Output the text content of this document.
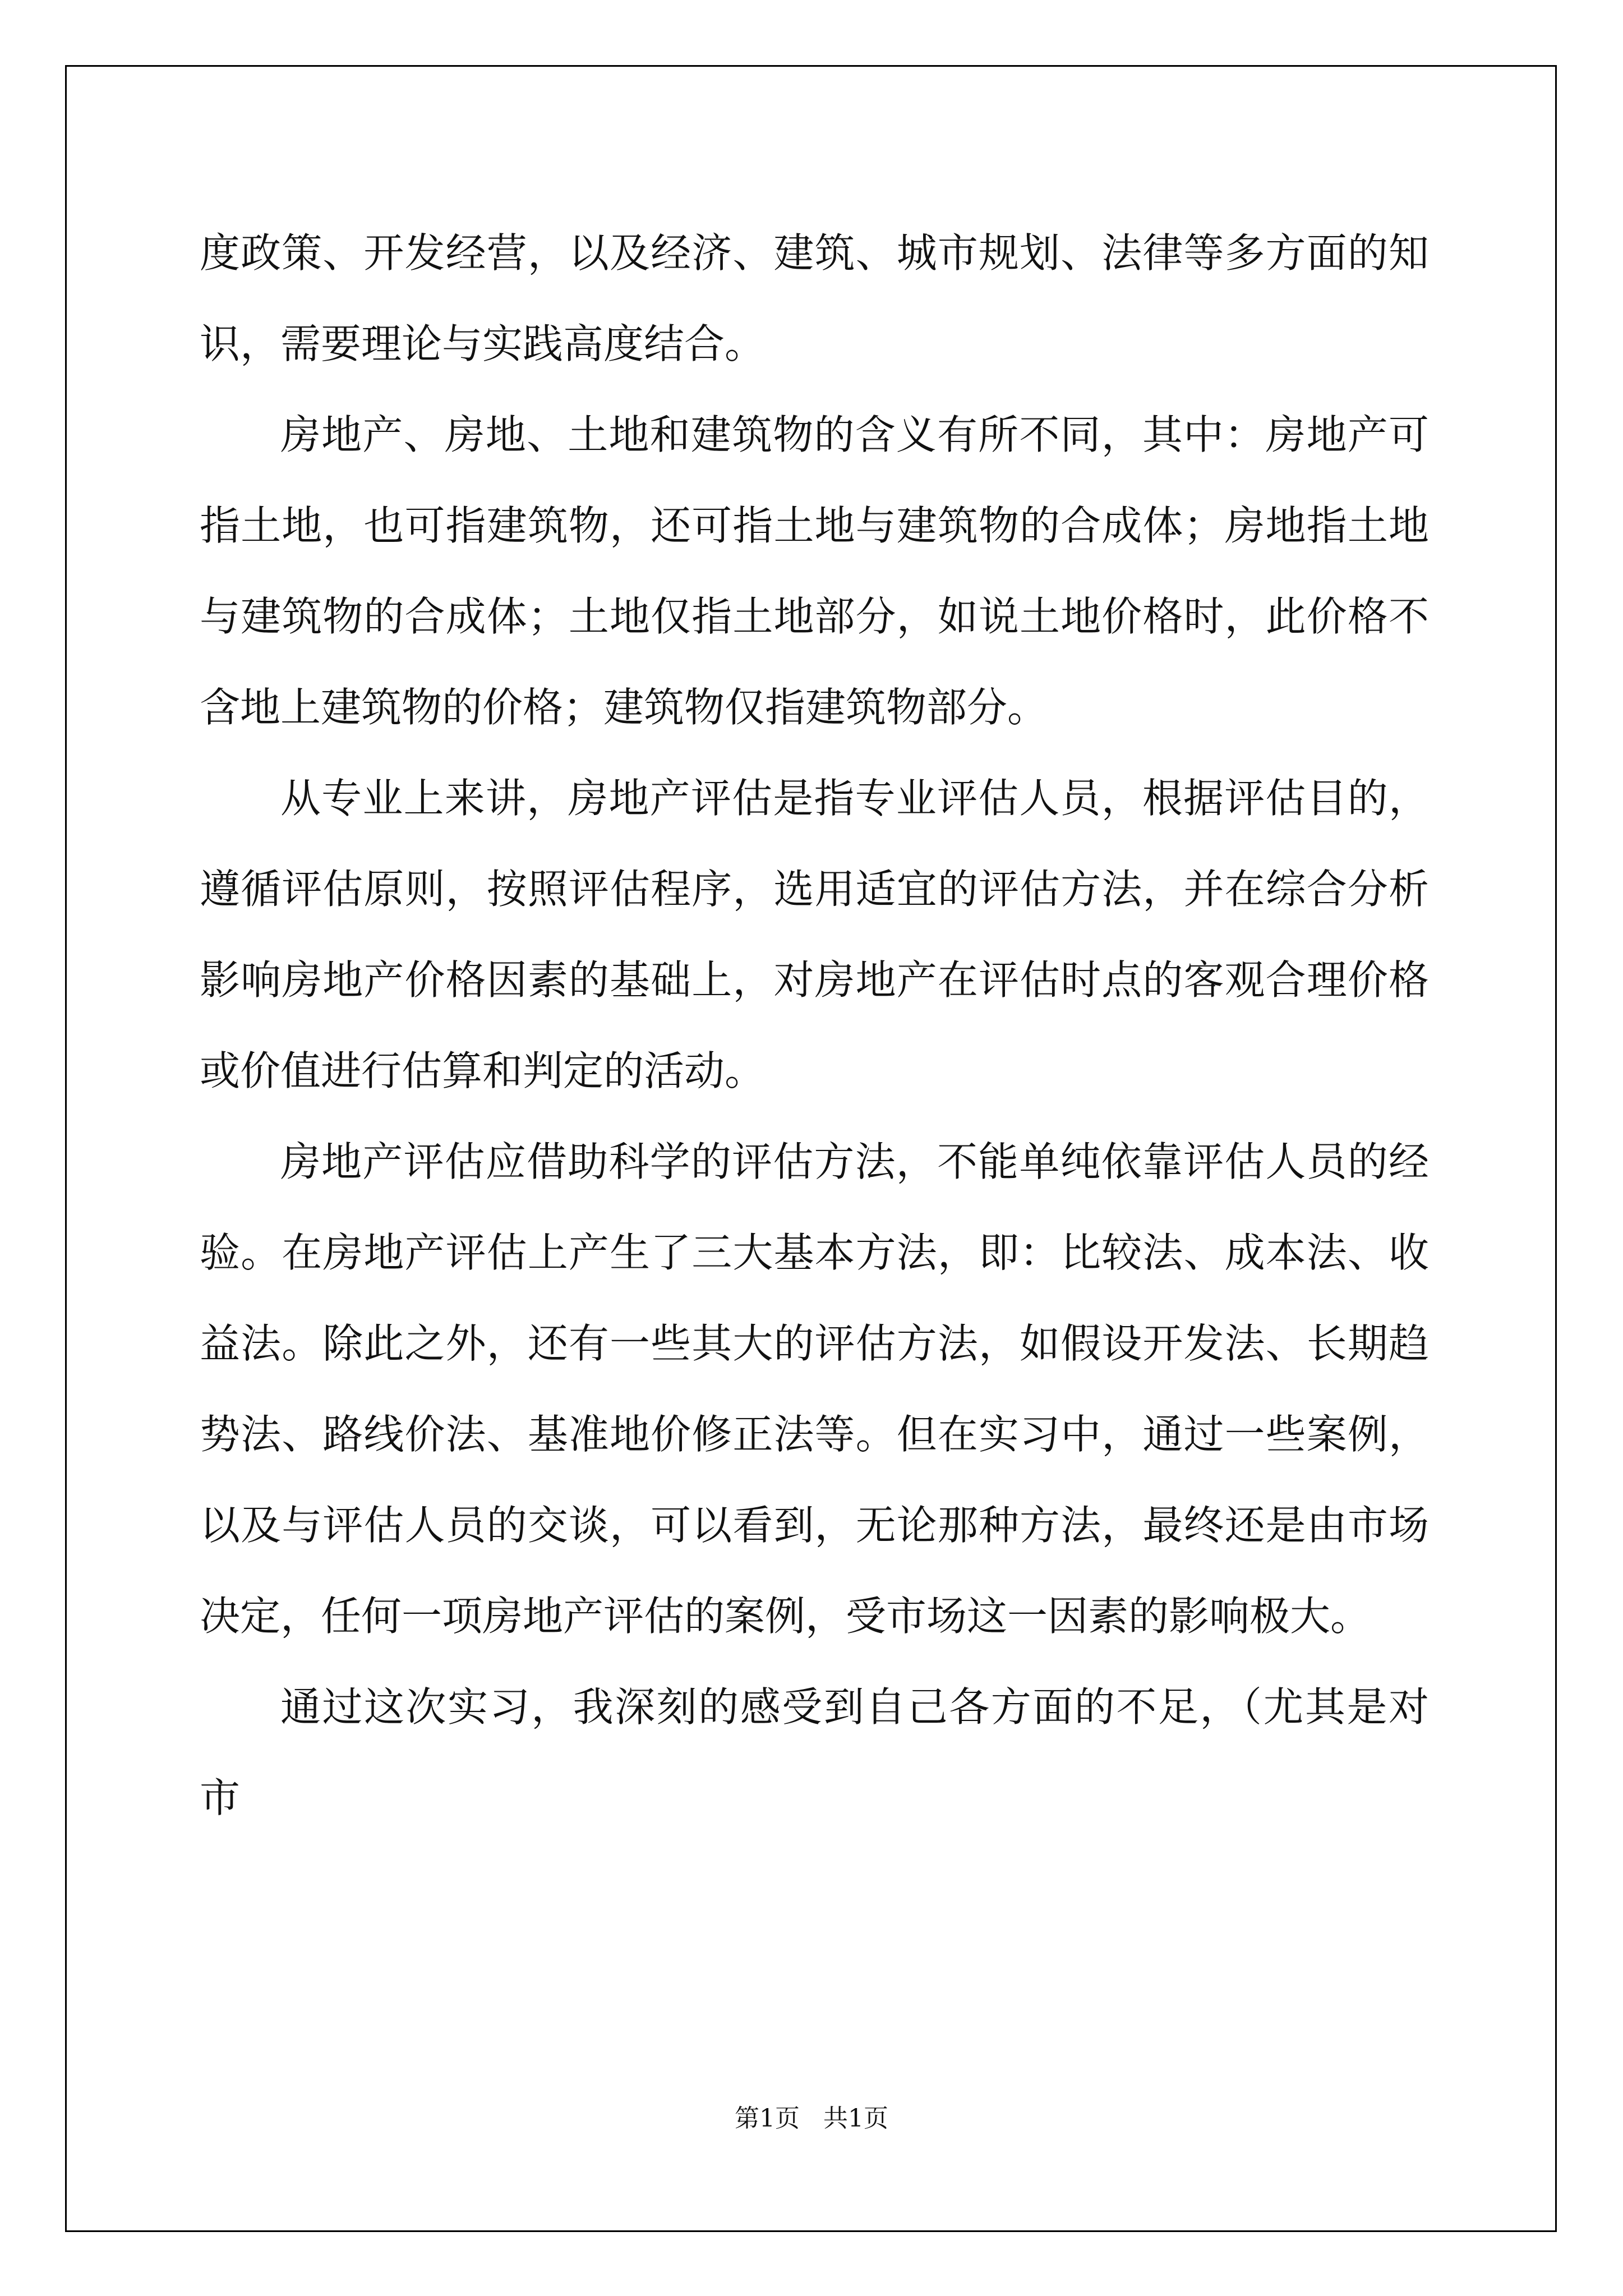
度政策、开发经营，以及经济、建筑、城市规划、法律等多方面的知识，需要理论与实践高度结合。

房地产、房地、土地和建筑物的含义有所不同，其中：房地产可指土地，也可指建筑物，还可指土地与建筑物的合成体；房地指土地与建筑物的合成体；土地仅指土地部分，如说土地价格时，此价格不含地上建筑物的价格；建筑物仅指建筑物部分。

从专业上来讲，房地产评估是指专业评估人员，根据评估目的，遵循评估原则，按照评估程序，选用适宜的评估方法，并在综合分析影响房地产价格因素的基础上，对房地产在评估时点的客观合理价格或价值进行估算和判定的活动。

房地产评估应借助科学的评估方法，不能单纯依靠评估人员的经验。在房地产评估上产生了三大基本方法，即：比较法、成本法、收益法。除此之外，还有一些其大的评估方法，如假设开发法、长期趋势法、路线价法、基准地价修正法等。但在实习中，通过一些案例，以及与评估人员的交谈，可以看到，无论那种方法，最终还是由市场决定，任何一项房地产评估的案例，受市场这一因素的影响极大。

通过这次实习，我深刻的感受到自己各方面的不足，（尤其是对市

第1页   共1页
